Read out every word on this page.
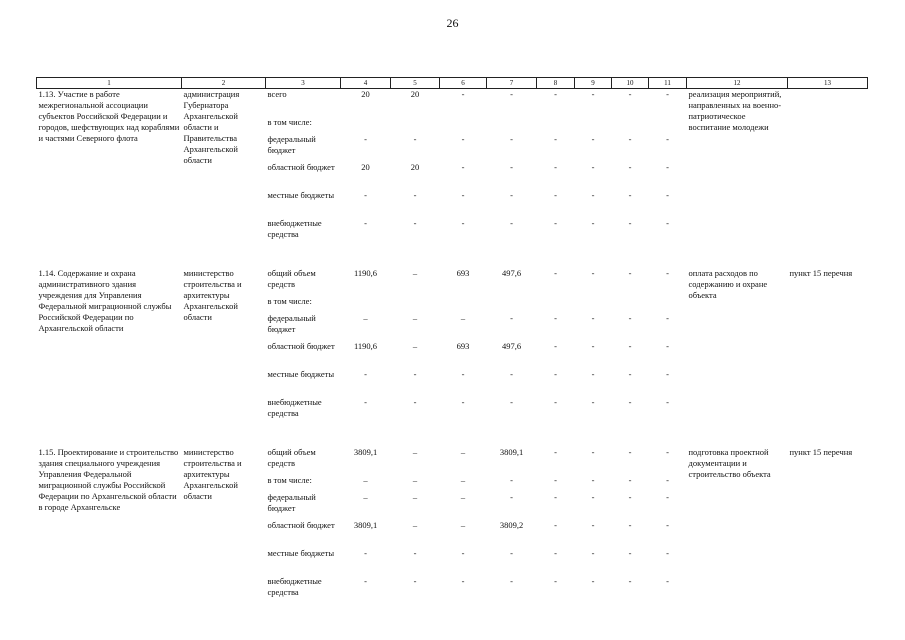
26
1	2	3	4	5	6	7	8	9	10	11	12	13
1.13. Участие в работе межрегиональной ассоциации субъектов Российской Федерации и городов, шефствующих над кораблями и частями Северного флота	администрация Губернатора Архангельской области и Правительства Архангельской области	всего	20	20	-	-	-	-	-	-	реализация мероприятий, направленных на военно-патриотическое воспитание молодежи	
		в том числе:										
		федеральный бюджет	-	-	-	-	-	-	-	-		
		областной бюджет	20	20	-	-	-	-	-	-		
		местные бюджеты	-	-	-	-	-	-	-	-		
		внебюджетные средства	-	-	-	-	-	-	-	-		

1.14. Содержание и охрана административного здания учреждения для Управления Федеральной миграционной службы Российской Федерации по Архангельской области	министерство строительства и архитектуры Архангельской области	общий объем средств	1190,6	–	693	497,6	-	-	-	-	оплата расходов по содержанию и охране объекта	пункт 15 перечня
		в том числе:										
		федеральный бюджет	–	–	–	-	-	-	-	-		
		областной бюджет	1190,6	–	693	497,6	-	-	-	-		
		местные бюджеты	-	-	-	-	-	-	-	-		
		внебюджетные средства	-	-	-	-	-	-	-	-		

1.15. Проектирование и строительство здания специального учреждения Управления Федеральной миграционной службы Российской Федерации по Архангельской области в городе Архангельске	министерство строительства и архитектуры Архангельской области	общий объем средств	3809,1	–	–	3809,1	-	-	-	-	подготовка проектной документации и строительство объекта	пункт 15 перечня
		в том числе:	–	–	–	-	-	-	-	-		
		федеральный бюджет	–	–	–	-	-	-	-	-		
		областной бюджет	3809,1	–	–	3809,2	-	-	-	-		
		местные бюджеты	-	-	-	-	-	-	-	-		
		внебюджетные средства	-	-	-	-	-	-	-	-		
